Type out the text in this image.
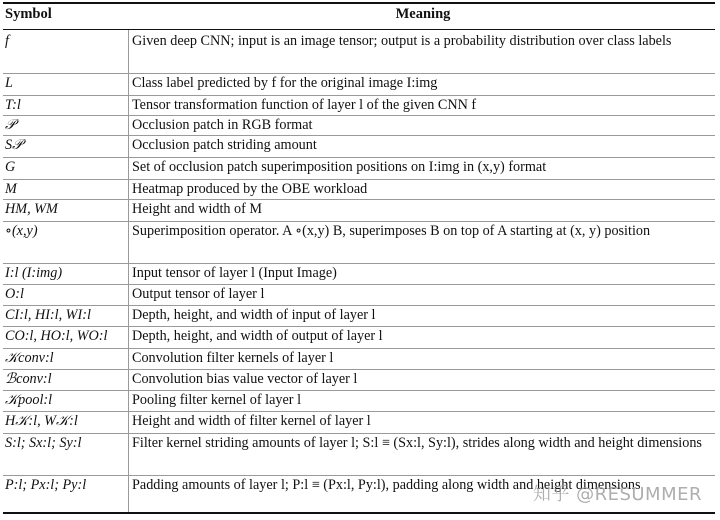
Symbol	Meaning
f	Given deep CNN; input is an image tensor; output is a probability distribution over class labels
L	Class label predicted by f for the original image I:img
T:l	Tensor transformation function of layer l of the given CNN f
𝒫	Occlusion patch in RGB format
S𝒫	Occlusion patch striding amount
G	Set of occlusion patch superimposition positions on I:img in (x,y) format
M	Heatmap produced by the OBE workload
HM, WM	Height and width of M
∘(x,y)	Superimposition operator. A ∘(x,y) B, superimposes B on top of A starting at (x, y) position
I:l (I:img)	Input tensor of layer l (Input Image)
O:l	Output tensor of layer l
CI:l, HI:l, WI:l	Depth, height, and width of input of layer l
CO:l, HO:l, WO:l	Depth, height, and width of output of layer l
𝒦conv:l	Convolution filter kernels of layer l
ℬconv:l	Convolution bias value vector of layer l
𝒦pool:l	Pooling filter kernel of layer l
H𝒦:l, W𝒦:l	Height and width of filter kernel of layer l
S:l; Sx:l; Sy:l	Filter kernel striding amounts of layer l; S:l ≡ (Sx:l, Sy:l), strides along width and height dimensions
P:l; Px:l; Py:l	Padding amounts of layer l; P:l ≡ (Px:l, Py:l), padding along width and height dimensions
知乎 @RESUMMER
